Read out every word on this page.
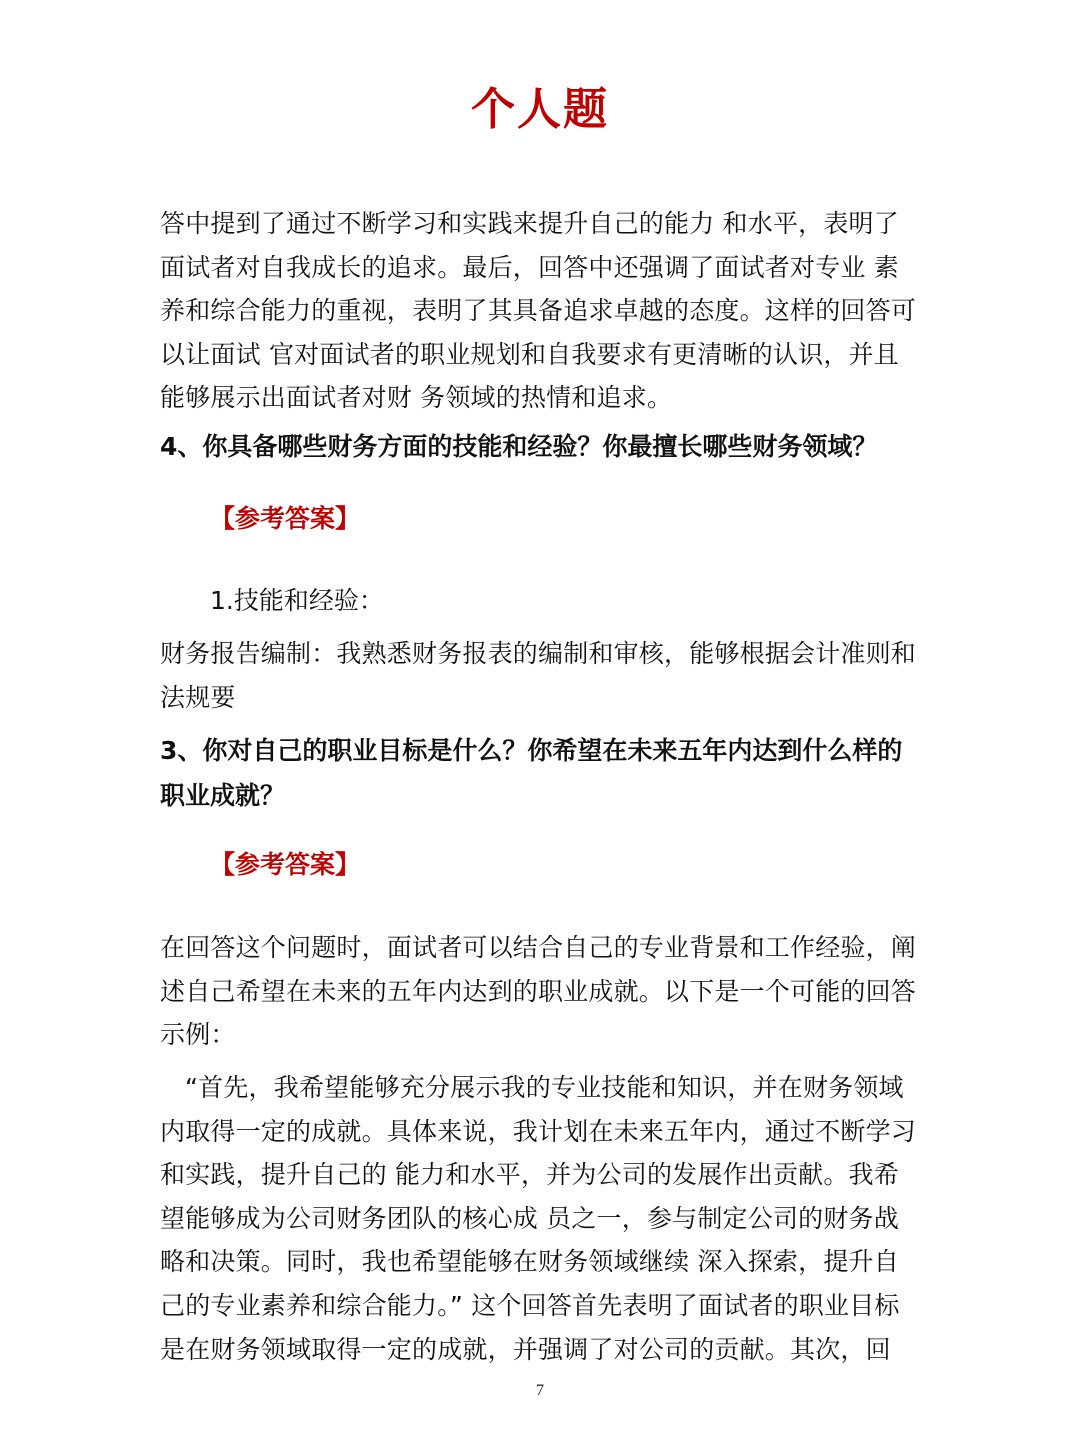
个人题

答中提到了通过不断学习和实践来提升自己的能力 和水平，表明了面试者对自我成长的追求。最后，回答中还强调了面试者对专业 素养和综合能力的重视，表明了其具备追求卓越的态度。这样的回答可以让面试 官对面试者的职业规划和自我要求有更清晰的认识，并且能够展示出面试者对财 务领域的热情和追求。

4、你具备哪些财务方面的技能和经验？你最擅长哪些财务领域？

【参考答案】

1.技能和经验：

财务报告编制：我熟悉财务报表的编制和审核，能够根据会计准则和法规要

3、你对自己的职业目标是什么？你希望在未来五年内达到什么样的职业成就？

【参考答案】

在回答这个问题时，面试者可以结合自己的专业背景和工作经验，阐述自己希望在未来的五年内达到的职业成就。以下是一个可能的回答示例：

“首先，我希望能够充分展示我的专业技能和知识，并在财务领域内取得一定的成就。具体来说，我计划在未来五年内，通过不断学习和实践，提升自己的 能力和水平，并为公司的发展作出贡献。我希望能够成为公司财务团队的核心成 员之一，参与制定公司的财务战略和决策。同时，我也希望能够在财务领域继续 深入探索，提升自己的专业素养和综合能力。” 这个回答首先表明了面试者的职业目标是在财务领域取得一定的成就，并强调了对公司的贡献。其次，回

7
